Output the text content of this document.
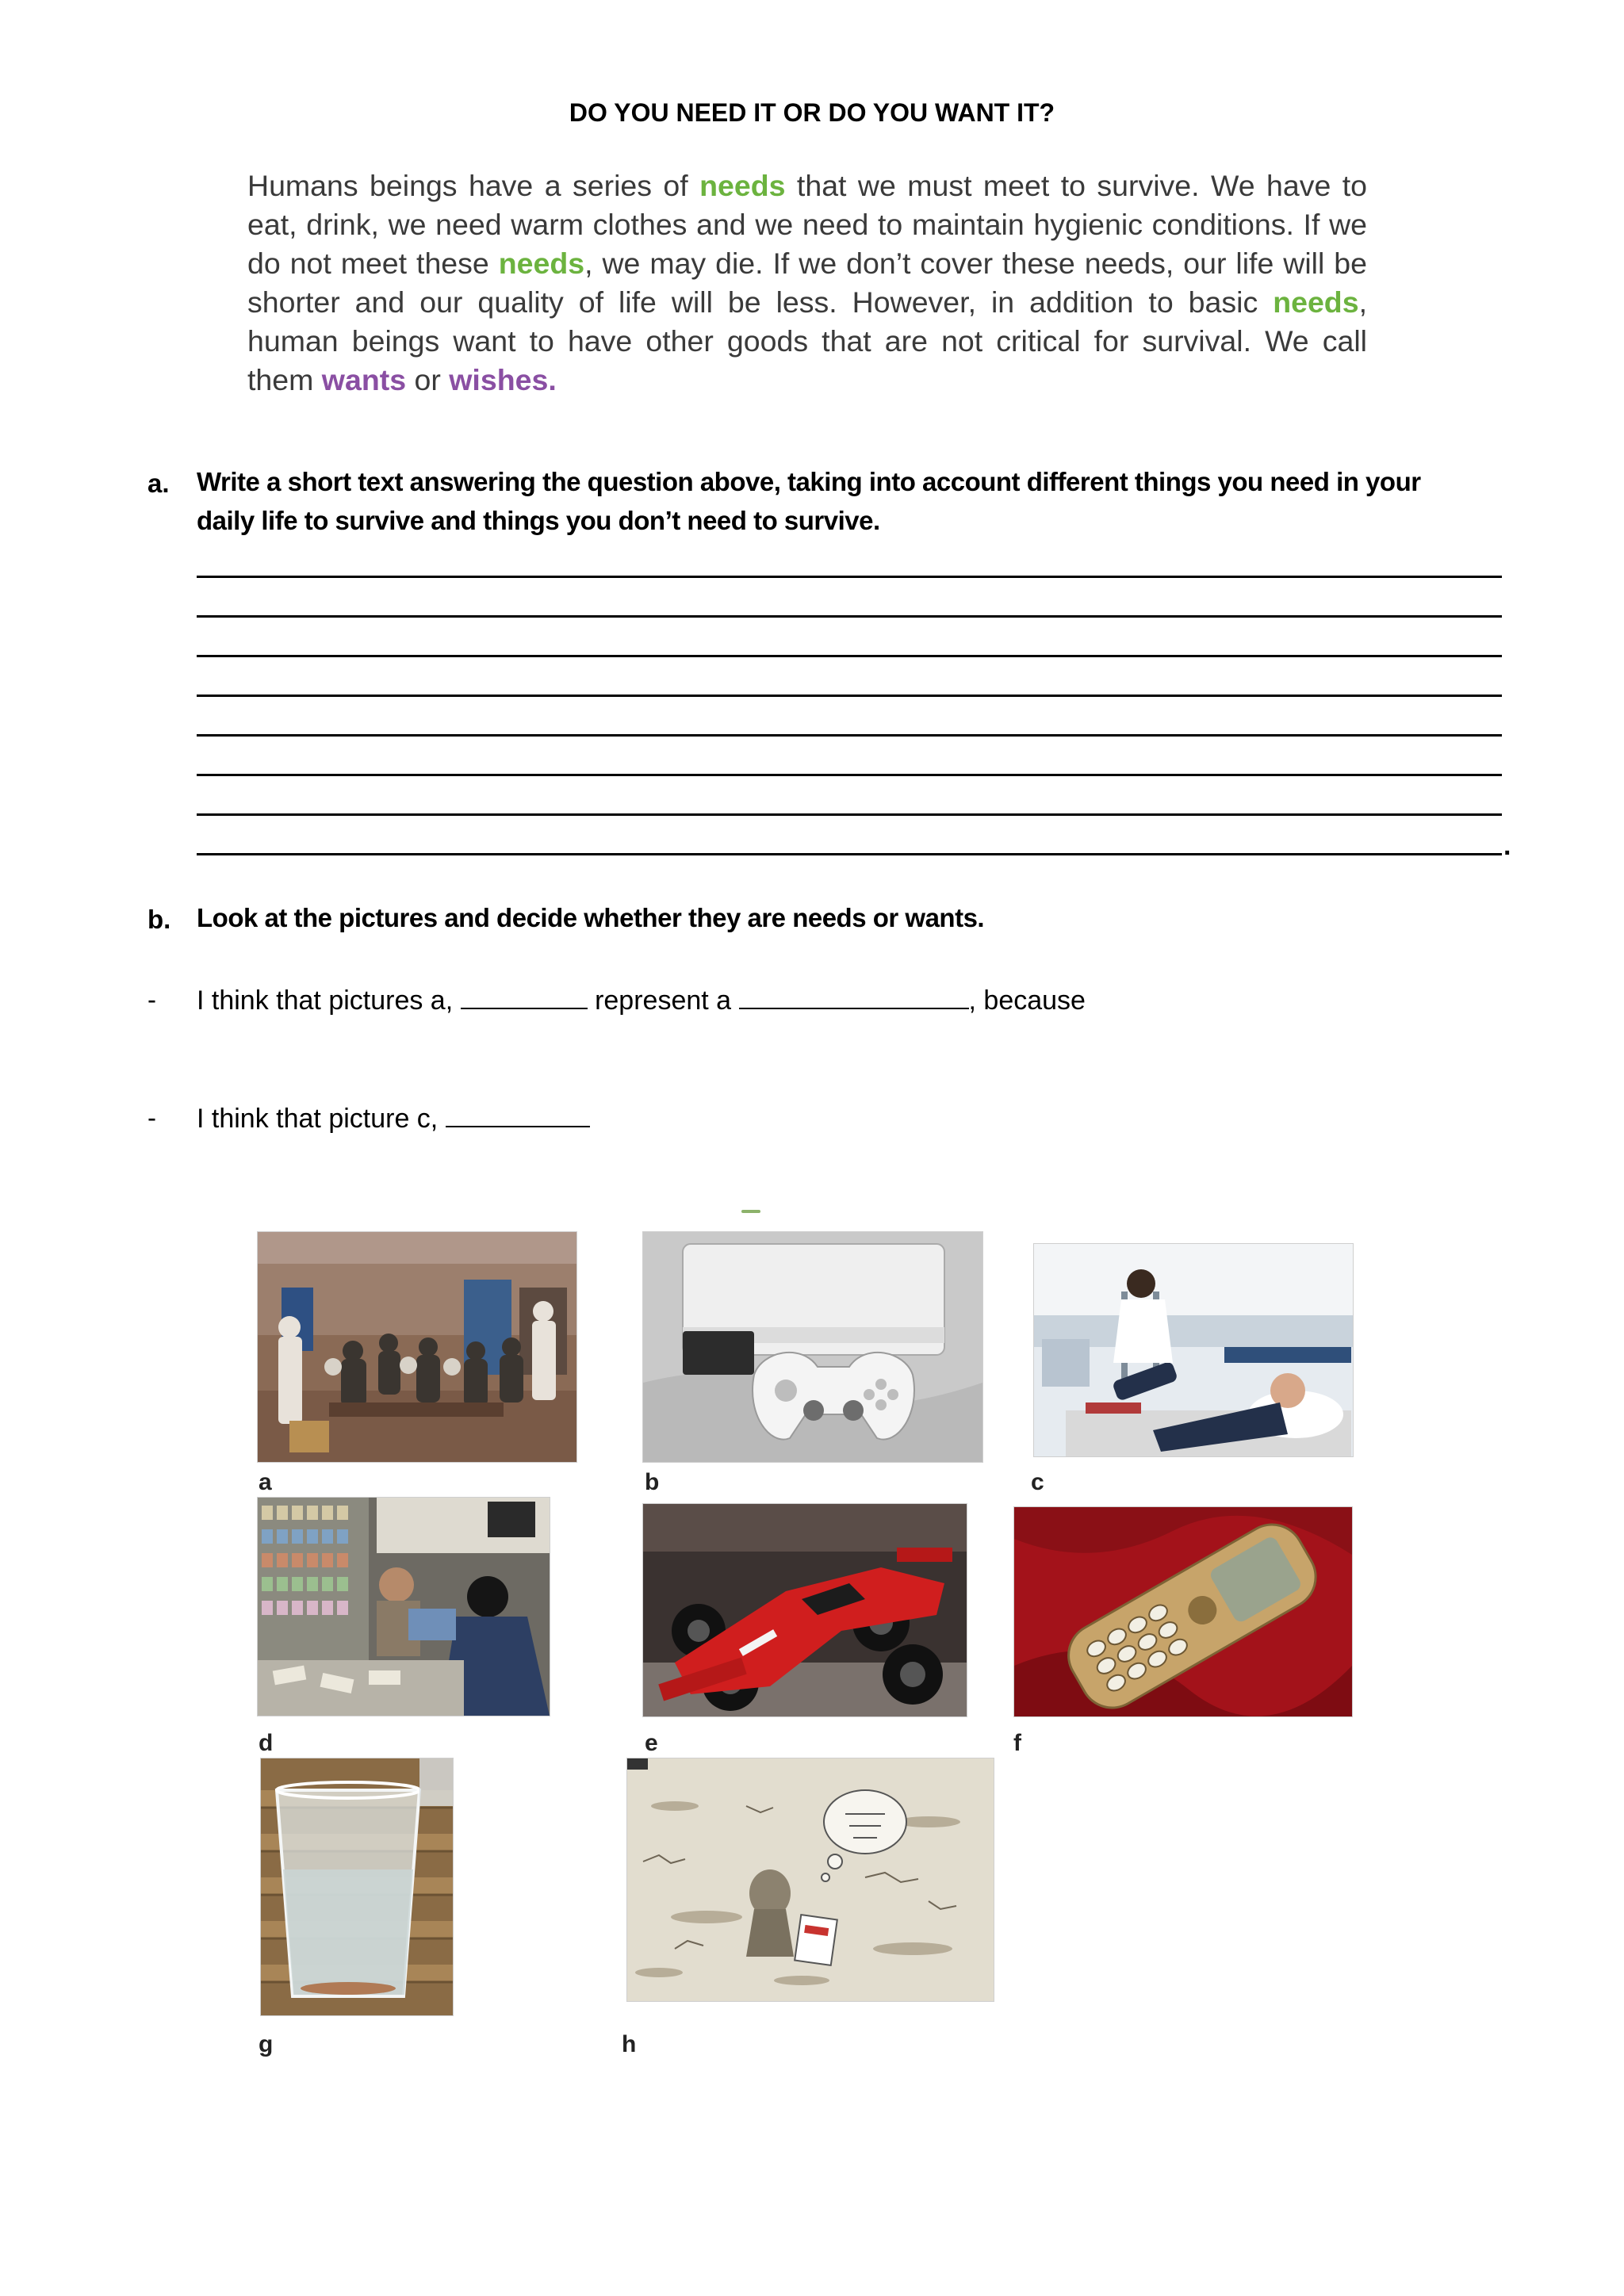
DO YOU NEED IT OR DO YOU WANT IT?
Humans beings have a series of needs that we must meet to survive. We have to eat, drink, we need warm clothes and we need to maintain hygienic conditions. If we do not meet these needs, we may die. If we don’t cover these needs, our life will be shorter and our quality of life will be less. However, in addition to basic needs, human beings want to have other goods that are not critical for survival. We call them wants or wishes.
a. Write a short text answering the question above, taking into account different things you need in your
daily life to survive and things you don’t need to survive.
.
b. Look at the pictures and decide whether they are needs or wants.
- I think that pictures a,	represent a	, because
- I think that picture c,
a	b	c
d	e	f
g	h
